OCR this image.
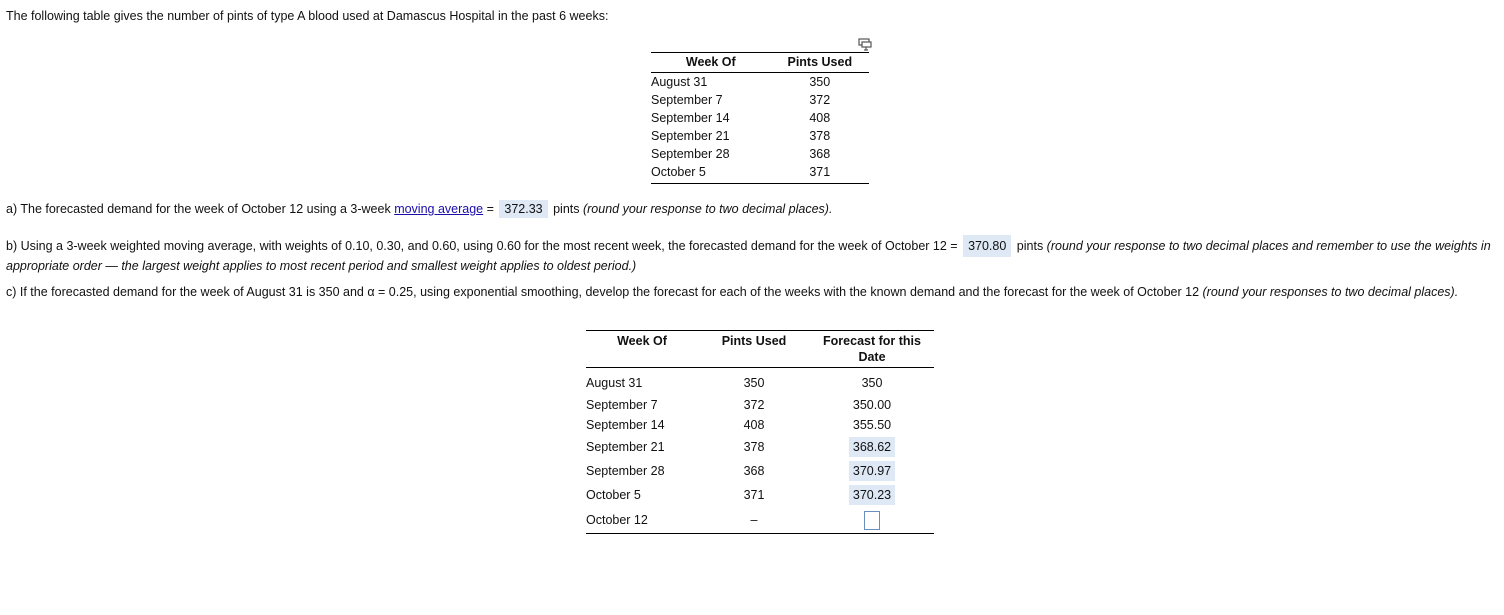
The following table gives the number of pints of type A blood used at Damascus Hospital in the past 6 weeks:

Week Of	Pints Used
August 31	350
September 7	372
September 14	408
September 21	378
September 28	368
October 5	371

a) The forecasted demand for the week of October 12 using a 3-week moving average = 372.33 pints (round your response to two decimal places).

b) Using a 3-week weighted moving average, with weights of 0.10, 0.30, and 0.60, using 0.60 for the most recent week, the forecasted demand for the week of October 12 = 370.80 pints (round your response to two decimal places and remember to use the weights in appropriate order — the largest weight applies to most recent period and smallest weight applies to oldest period.)

c) If the forecasted demand for the week of August 31 is 350 and α = 0.25, using exponential smoothing, develop the forecast for each of the weeks with the known demand and the forecast for the week of October 12 (round your responses to two decimal places).

Week Of	Pints Used	Forecast for this Date
August 31	350	350
September 7	372	350.00
September 14	408	355.50
September 21	378	368.62
September 28	368	370.97
October 5	371	370.23
October 12	–	
